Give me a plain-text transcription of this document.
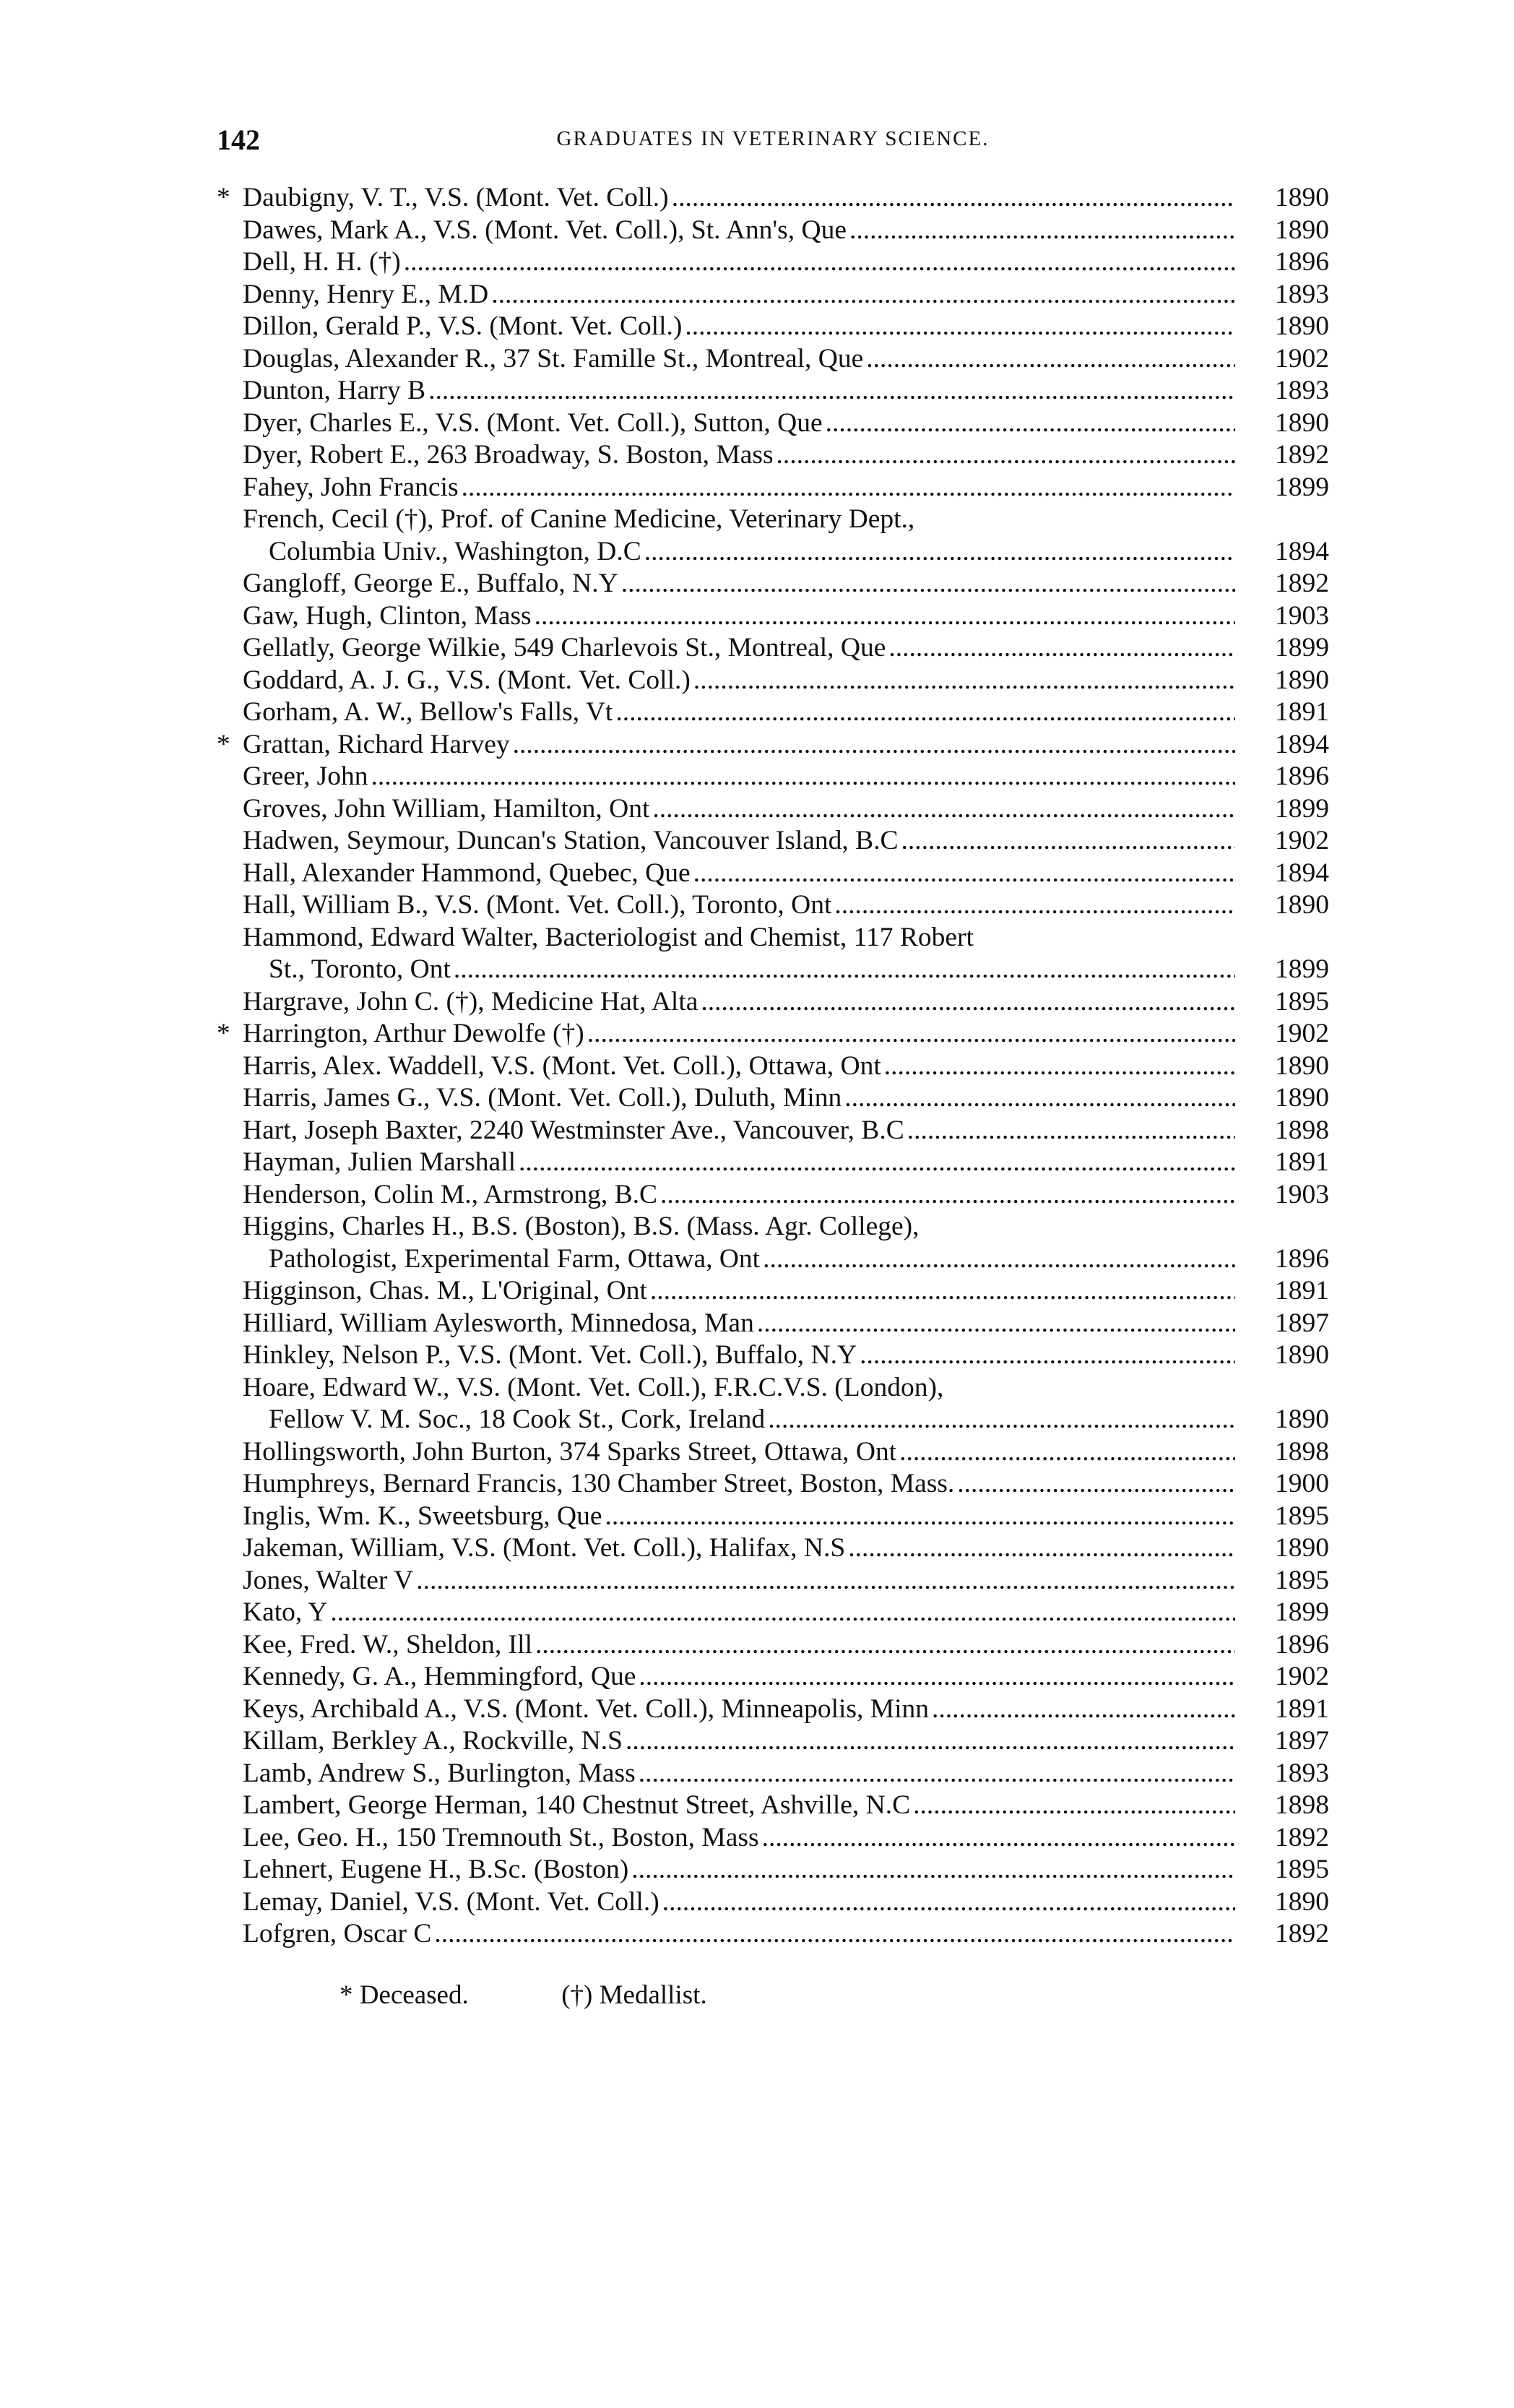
142	GRADUATES IN VETERINARY SCIENCE.
* Daubigny, V. T., V.S. (Mont. Vet. Coll.) .....	1890
Dawes, Mark A., V.S. (Mont. Vet. Coll.), St. Ann's, Que .....	1890
Dell, H. H. (†) .....	1896
Denny, Henry E., M.D .....	1893
Dillon, Gerald P., V.S. (Mont. Vet. Coll.) .....	1890
Douglas, Alexander R., 37 St. Famille St., Montreal, Que .....	1902
Dunton, Harry B .....	1893
Dyer, Charles E., V.S. (Mont. Vet. Coll.), Sutton, Que .....	1890
Dyer, Robert E., 263 Broadway, S. Boston, Mass .....	1892
Fahey, John Francis .....	1899
French, Cecil (†), Prof. of Canine Medicine, Veterinary Dept.,
Columbia Univ., Washington, D.C .....	1894
Gangloff, George E., Buffalo, N.Y .....	1892
Gaw, Hugh, Clinton, Mass .....	1903
Gellatly, George Wilkie, 549 Charlevois St., Montreal, Que .....	1899
Goddard, A. J. G., V.S. (Mont. Vet. Coll.) .....	1890
Gorham, A. W., Bellow's Falls, Vt .....	1891
* Grattan, Richard Harvey .....	1894
Greer, John .....	1896
Groves, John William, Hamilton, Ont .....	1899
Hadwen, Seymour, Duncan's Station, Vancouver Island, B.C .....	1902
Hall, Alexander Hammond, Quebec, Que .....	1894
Hall, William B., V.S. (Mont. Vet. Coll.), Toronto, Ont .....	1890
Hammond, Edward Walter, Bacteriologist and Chemist, 117 Robert
St., Toronto, Ont .....	1899
Hargrave, John C. (†), Medicine Hat, Alta .....	1895
* Harrington, Arthur Dewolfe (†) .....	1902
Harris, Alex. Waddell, V.S. (Mont. Vet. Coll.), Ottawa, Ont .....	1890
Harris, James G., V.S. (Mont. Vet. Coll.), Duluth, Minn .....	1890
Hart, Joseph Baxter, 2240 Westminster Ave., Vancouver, B.C .....	1898
Hayman, Julien Marshall .....	1891
Henderson, Colin M., Armstrong, B.C .....	1903
Higgins, Charles H., B.S. (Boston), B.S. (Mass. Agr. College),
Pathologist, Experimental Farm, Ottawa, Ont .....	1896
Higginson, Chas. M., L'Original, Ont .....	1891
Hilliard, William Aylesworth, Minnedosa, Man .....	1897
Hinkley, Nelson P., V.S. (Mont. Vet. Coll.), Buffalo, N.Y .....	1890
Hoare, Edward W., V.S. (Mont. Vet. Coll.), F.R.C.V.S. (London),
Fellow V. M. Soc., 18 Cook St., Cork, Ireland .....	1890
Hollingsworth, John Burton, 374 Sparks Street, Ottawa, Ont .....	1898
Humphreys, Bernard Francis, 130 Chamber Street, Boston, Mass. .....	1900
Inglis, Wm. K., Sweetsburg, Que .....	1895
Jakeman, William, V.S. (Mont. Vet. Coll.), Halifax, N.S .....	1890
Jones, Walter V .....	1895
Kato, Y .....	1899
Kee, Fred. W., Sheldon, Ill .....	1896
Kennedy, G. A., Hemmingford, Que .....	1902
Keys, Archibald A., V.S. (Mont. Vet. Coll.), Minneapolis, Minn .....	1891
Killam, Berkley A., Rockville, N.S .....	1897
Lamb, Andrew S., Burlington, Mass .....	1893
Lambert, George Herman, 140 Chestnut Street, Ashville, N.C .....	1898
Lee, Geo. H., 150 Tremnouth St., Boston, Mass .....	1892
Lehnert, Eugene H., B.Sc. (Boston) .....	1895
Lemay, Daniel, V.S. (Mont. Vet. Coll.) .....	1890
Lofgren, Oscar C .....	1892
* Deceased.	(†) Medallist.
